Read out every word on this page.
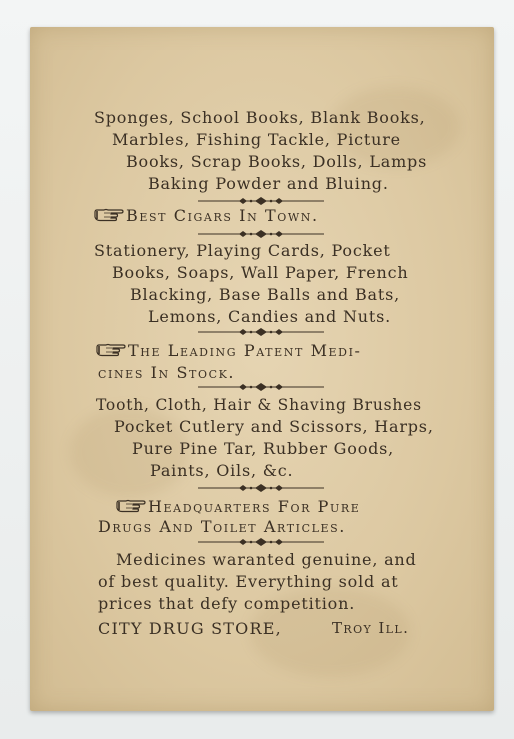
Sponges, School Books, Blank Books,
Marbles, Fishing Tackle, Picture
Books, Scrap Books, Dolls, Lamps
Baking Powder and Bluing.
Best Cigars In Town.
Stationery, Playing Cards, Pocket
Books, Soaps, Wall Paper, French
Blacking, Base Balls and Bats,
Lemons, Candies and Nuts.
The Leading Patent Medi-
cines In Stock.
Tooth, Cloth, Hair & Shaving Brushes
Pocket Cutlery and Scissors, Harps,
Pure Pine Tar, Rubber Goods,
Paints, Oils, &c.
Headquarters For Pure
Drugs And Toilet Articles.
Medicines waranted genuine, and
of best quality. Everything sold at
prices that defy competition.
CITY DRUG STORE,	Troy Ill.
